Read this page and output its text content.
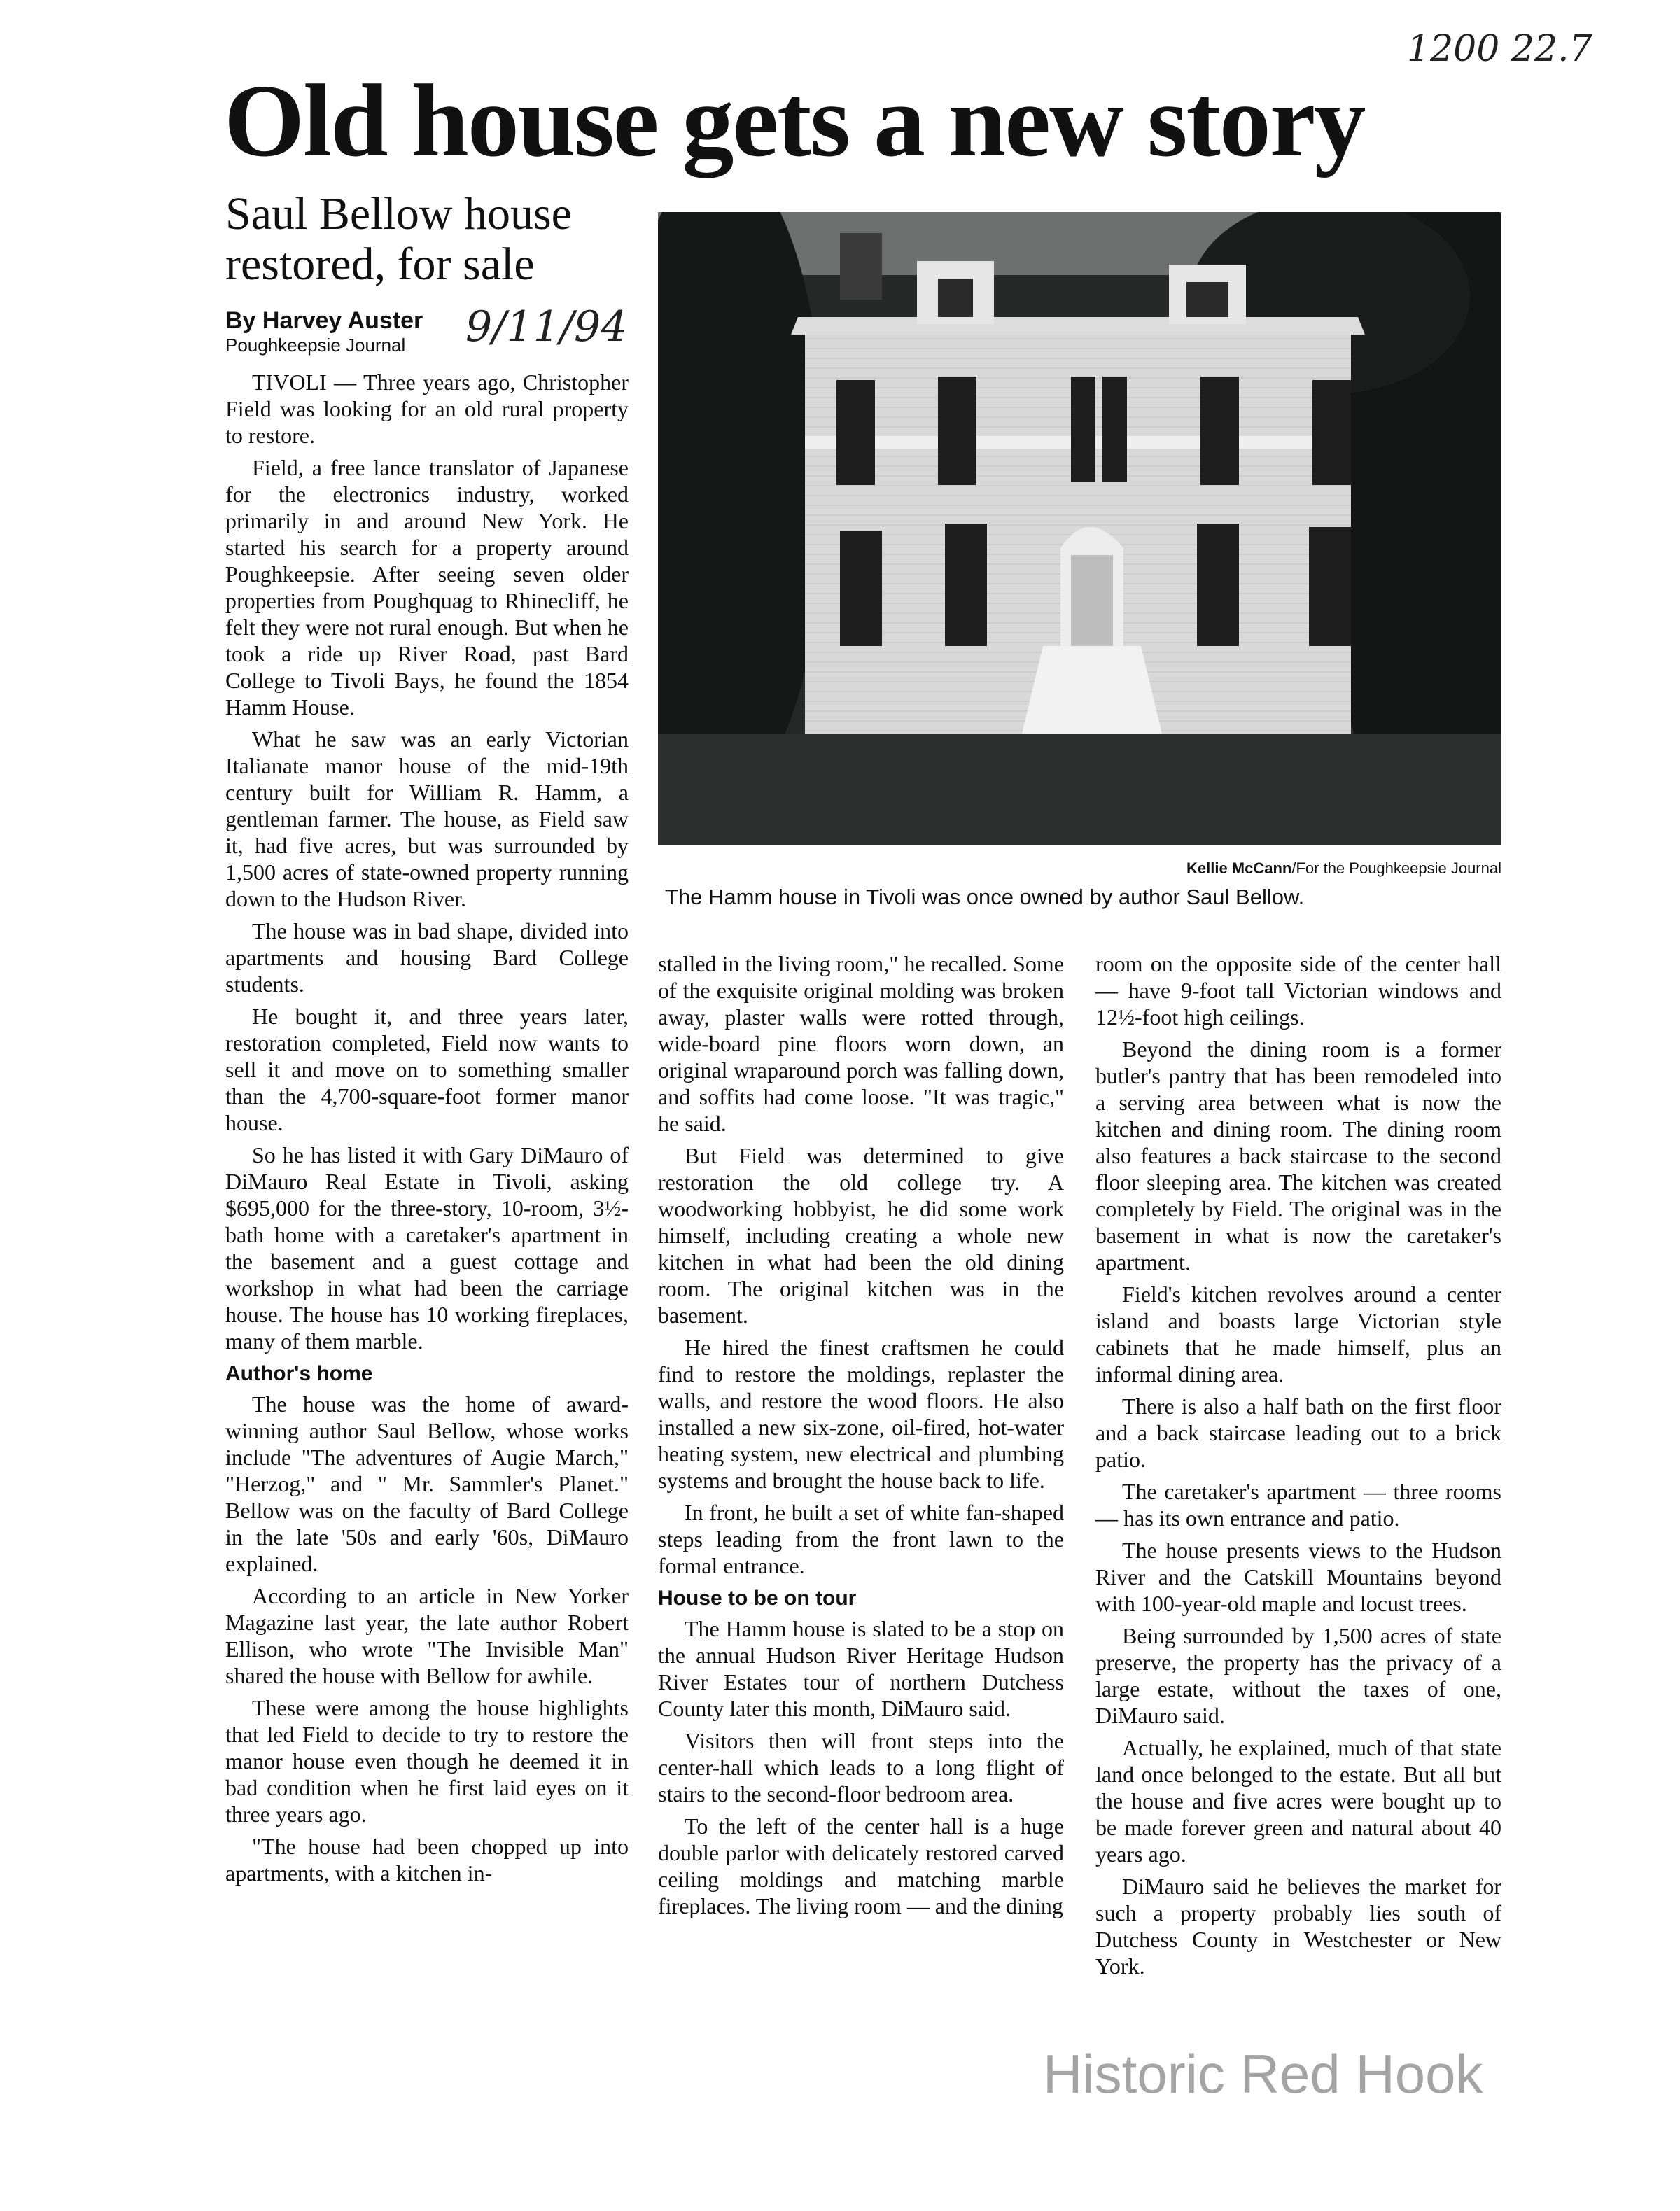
1200 22.7
Old house gets a new story
Saul Bellow house
restored, for sale
By Harvey Auster
Poughkeepsie Journal	9/11/94
Kellie McCann/For the Poughkeepsie Journal
The Hamm house in Tivoli was once owned by author Saul Bellow.

TIVOLI — Three years ago, Christopher Field was looking for an old rural property to restore.

Field, a free lance translator of Japanese for the electronics industry, worked primarily in and around New York. He started his search for a property around Poughkeepsie. After seeing seven older properties from Poughquag to Rhinecliff, he felt they were not rural enough. But when he took a ride up River Road, past Bard College to Tivoli Bays, he found the 1854 Hamm House.

What he saw was an early Victorian Italianate manor house of the mid-19th century built for William R. Hamm, a gentleman farmer. The house, as Field saw it, had five acres, but was surrounded by 1,500 acres of state-owned property running down to the Hudson River.

The house was in bad shape, divided into apartments and housing Bard College students.

He bought it, and three years later, restoration completed, Field now wants to sell it and move on to something smaller than the 4,700-square-foot former manor house.

So he has listed it with Gary DiMauro of DiMauro Real Estate in Tivoli, asking $695,000 for the three-story, 10-room, 3½-bath home with a caretaker's apartment in the basement and a guest cottage and workshop in what had been the carriage house. The house has 10 working fireplaces, many of them marble.

Author's home

The house was the home of award-winning author Saul Bellow, whose works include "The adventures of Augie March," "Herzog," and " Mr. Sammler's Planet." Bellow was on the faculty of Bard College in the late '50s and early '60s, DiMauro explained.

According to an article in New Yorker Magazine last year, the late author Robert Ellison, who wrote "The Invisible Man" shared the house with Bellow for awhile.

These were among the house highlights that led Field to decide to try to restore the manor house even though he deemed it in bad condition when he first laid eyes on it three years ago.

"The house had been chopped up into apartments, with a kitchen in-

stalled in the living room," he recalled. Some of the exquisite original molding was broken away, plaster walls were rotted through, wide-board pine floors worn down, an original wraparound porch was falling down, and soffits had come loose. "It was tragic," he said.

But Field was determined to give restoration the old college try. A woodworking hobbyist, he did some work himself, including creating a whole new kitchen in what had been the old dining room. The original kitchen was in the basement.

He hired the finest craftsmen he could find to restore the moldings, replaster the walls, and restore the wood floors. He also installed a new six-zone, oil-fired, hot-water heating system, new electrical and plumbing systems and brought the house back to life.

In front, he built a set of white fan-shaped steps leading from the front lawn to the formal entrance.

House to be on tour

The Hamm house is slated to be a stop on the annual Hudson River Heritage Hudson River Estates tour of northern Dutchess County later this month, DiMauro said.

Visitors then will front steps into the center-hall which leads to a long flight of stairs to the second-floor bedroom area.

To the left of the center hall is a huge double parlor with delicately restored carved ceiling moldings and matching marble fireplaces. The living room — and the dining

room on the opposite side of the center hall — have 9-foot tall Victorian windows and 12½-foot high ceilings.

Beyond the dining room is a former butler's pantry that has been remodeled into a serving area between what is now the kitchen and dining room. The dining room also features a back staircase to the second floor sleeping area. The kitchen was created completely by Field. The original was in the basement in what is now the caretaker's apartment.

Field's kitchen revolves around a center island and boasts large Victorian style cabinets that he made himself, plus an informal dining area.

There is also a half bath on the first floor and a back staircase leading out to a brick patio.

The caretaker's apartment — three rooms — has its own entrance and patio.

The house presents views to the Hudson River and the Catskill Mountains beyond with 100-year-old maple and locust trees.

Being surrounded by 1,500 acres of state preserve, the property has the privacy of a large estate, without the taxes of one, DiMauro said.

Actually, he explained, much of that state land once belonged to the estate. But all but the house and five acres were bought up to be made forever green and natural about 40 years ago.

DiMauro said he believes the market for such a property probably lies south of Dutchess County in Westchester or New York.

Historic Red Hook
